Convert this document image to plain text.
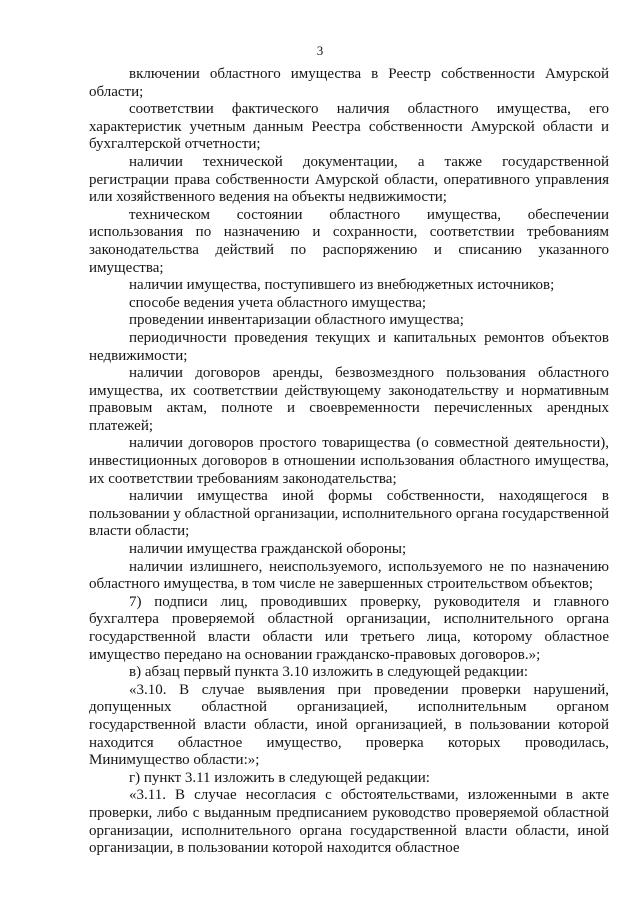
3

включении областного имущества в Реестр собственности Амурской области;

соответствии фактического наличия областного имущества, его характеристик учетным данным Реестра собственности Амурской области и бухгалтерской отчетности;

наличии технической документации, а также государственной регистрации права собственности Амурской области, оперативного управления или хозяйственного ведения на объекты недвижимости;

техническом состоянии областного имущества, обеспечении использования по назначению и сохранности, соответствии требованиям законодательства действий по распоряжению и списанию указанного имущества;

наличии имущества, поступившего из внебюджетных источников;

способе ведения учета областного имущества;

проведении инвентаризации областного имущества;

периодичности проведения текущих и капитальных ремонтов объектов недвижимости;

наличии договоров аренды, безвозмездного пользования областного имущества, их соответствии действующему законодательству и нормативным правовым актам, полноте и своевременности перечисленных арендных платежей;

наличии договоров простого товарищества (о совместной деятельности), инвестиционных договоров в отношении использования областного имущества, их соответствии требованиям законодательства;

наличии имущества иной формы собственности, находящегося в пользовании у областной организации, исполнительного органа государственной власти области;

наличии имущества гражданской обороны;

наличии излишнего, неиспользуемого, используемого не по назначению областного имущества, в том числе не завершенных строительством объектов;

7) подписи лиц, проводивших проверку, руководителя и главного бухгалтера проверяемой областной организации, исполнительного органа государственной власти области или третьего лица, которому областное имущество передано на основании гражданско-правовых договоров.»;

в) абзац первый пункта 3.10 изложить в следующей редакции:

«3.10. В случае выявления при проведении проверки нарушений, допущенных областной организацией, исполнительным органом государственной власти области, иной организацией, в пользовании которой находится областное имущество, проверка которых проводилась, Минимущество области:»;

г) пункт 3.11 изложить в следующей редакции:

«3.11. В случае несогласия с обстоятельствами, изложенными в акте проверки, либо с выданным предписанием руководство проверяемой областной организации, исполнительного органа государственной власти области, иной организации, в пользовании которой находится областное
